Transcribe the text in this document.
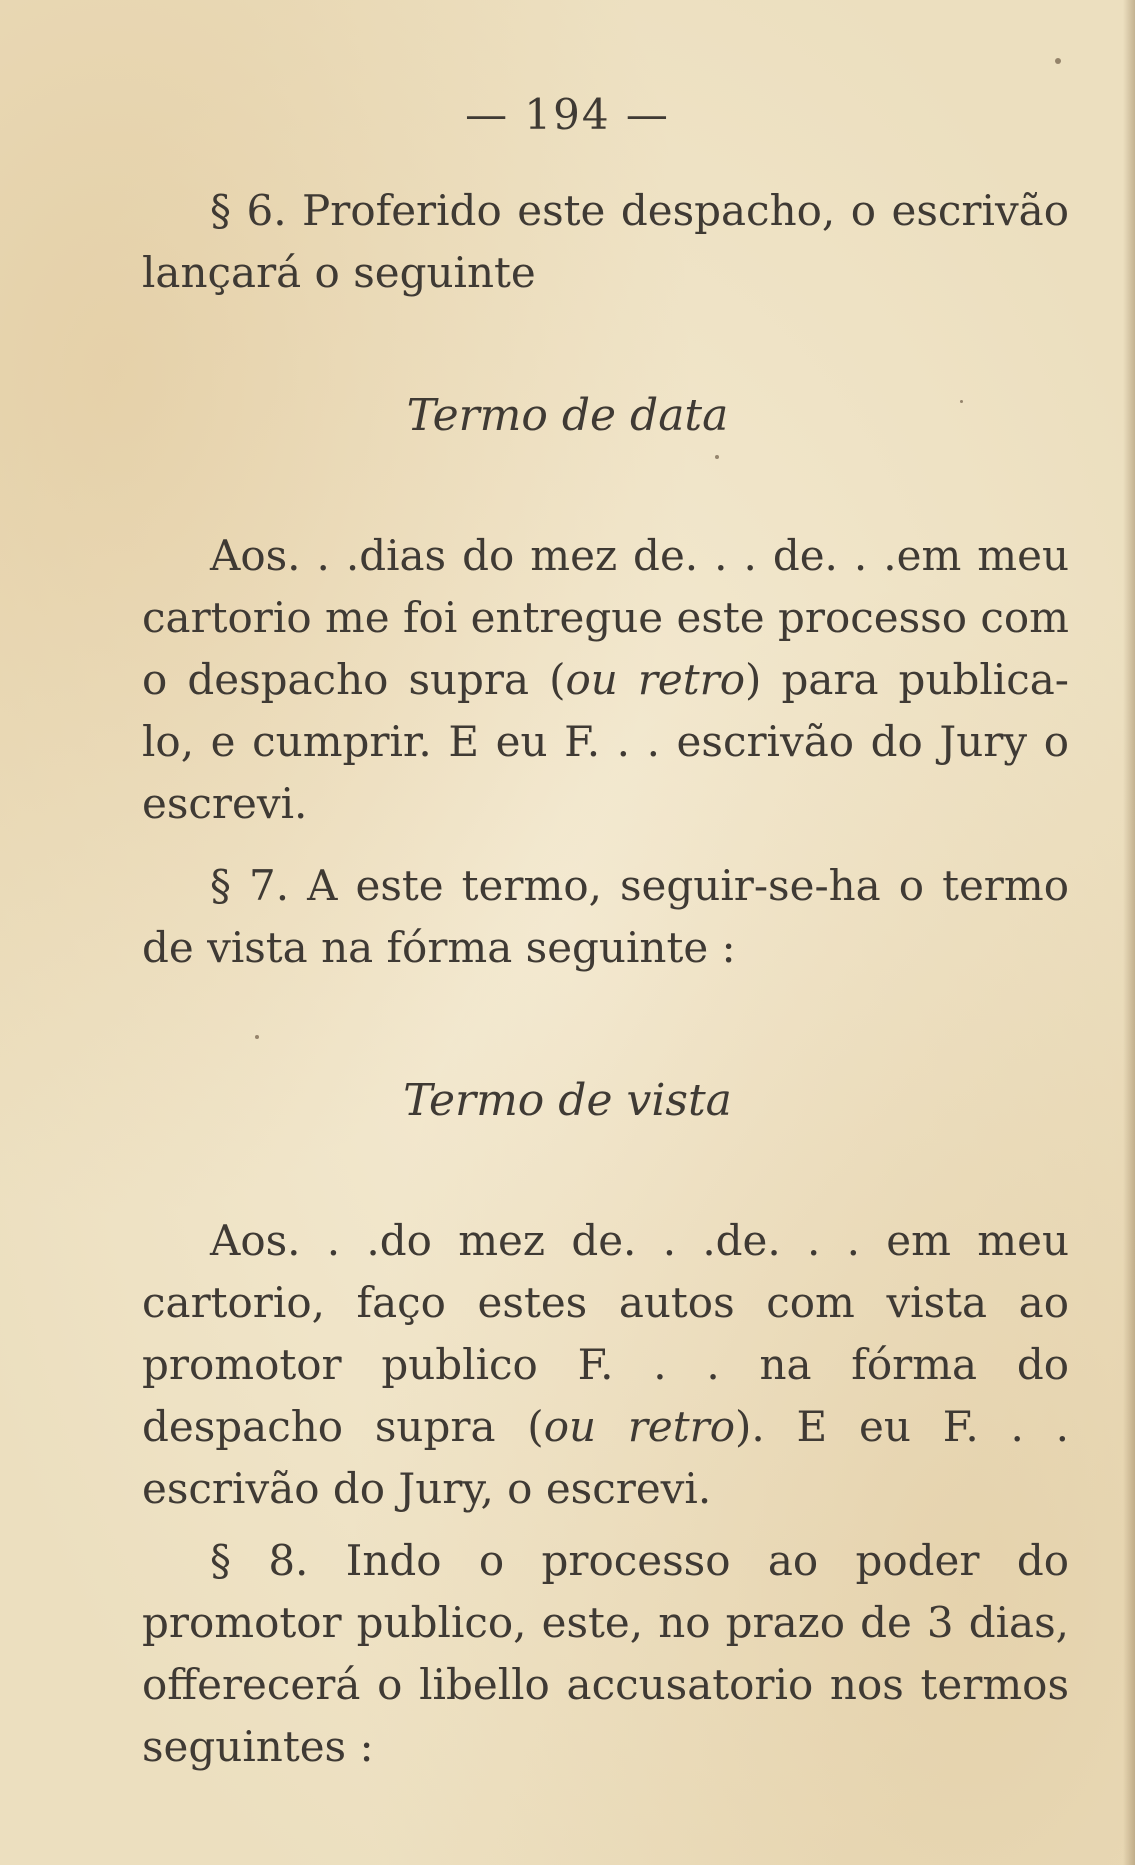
— 194 —

§ 6. Proferido este despacho, o escrivão lançará o seguinte

Termo de data

Aos. . .dias do mez de. . . de. . .em meu cartorio me foi entregue este processo com o despacho supra (ou retro) para publica-lo, e cumprir. E eu F. . . escrivão do Jury o escrevi.

§ 7. A este termo, seguir-se-ha o termo de vista na fórma seguinte :

Termo de vista

Aos. . .do mez de. . .de. . . em meu cartorio, faço estes autos com vista ao promotor publico F. . . na fórma do despacho supra (ou retro). E eu F. . . escrivão do Jury, o escrevi.

§ 8. Indo o processo ao poder do promotor publico, este, no prazo de 3 dias, offerecerá o libello accusatorio nos termos seguintes :
